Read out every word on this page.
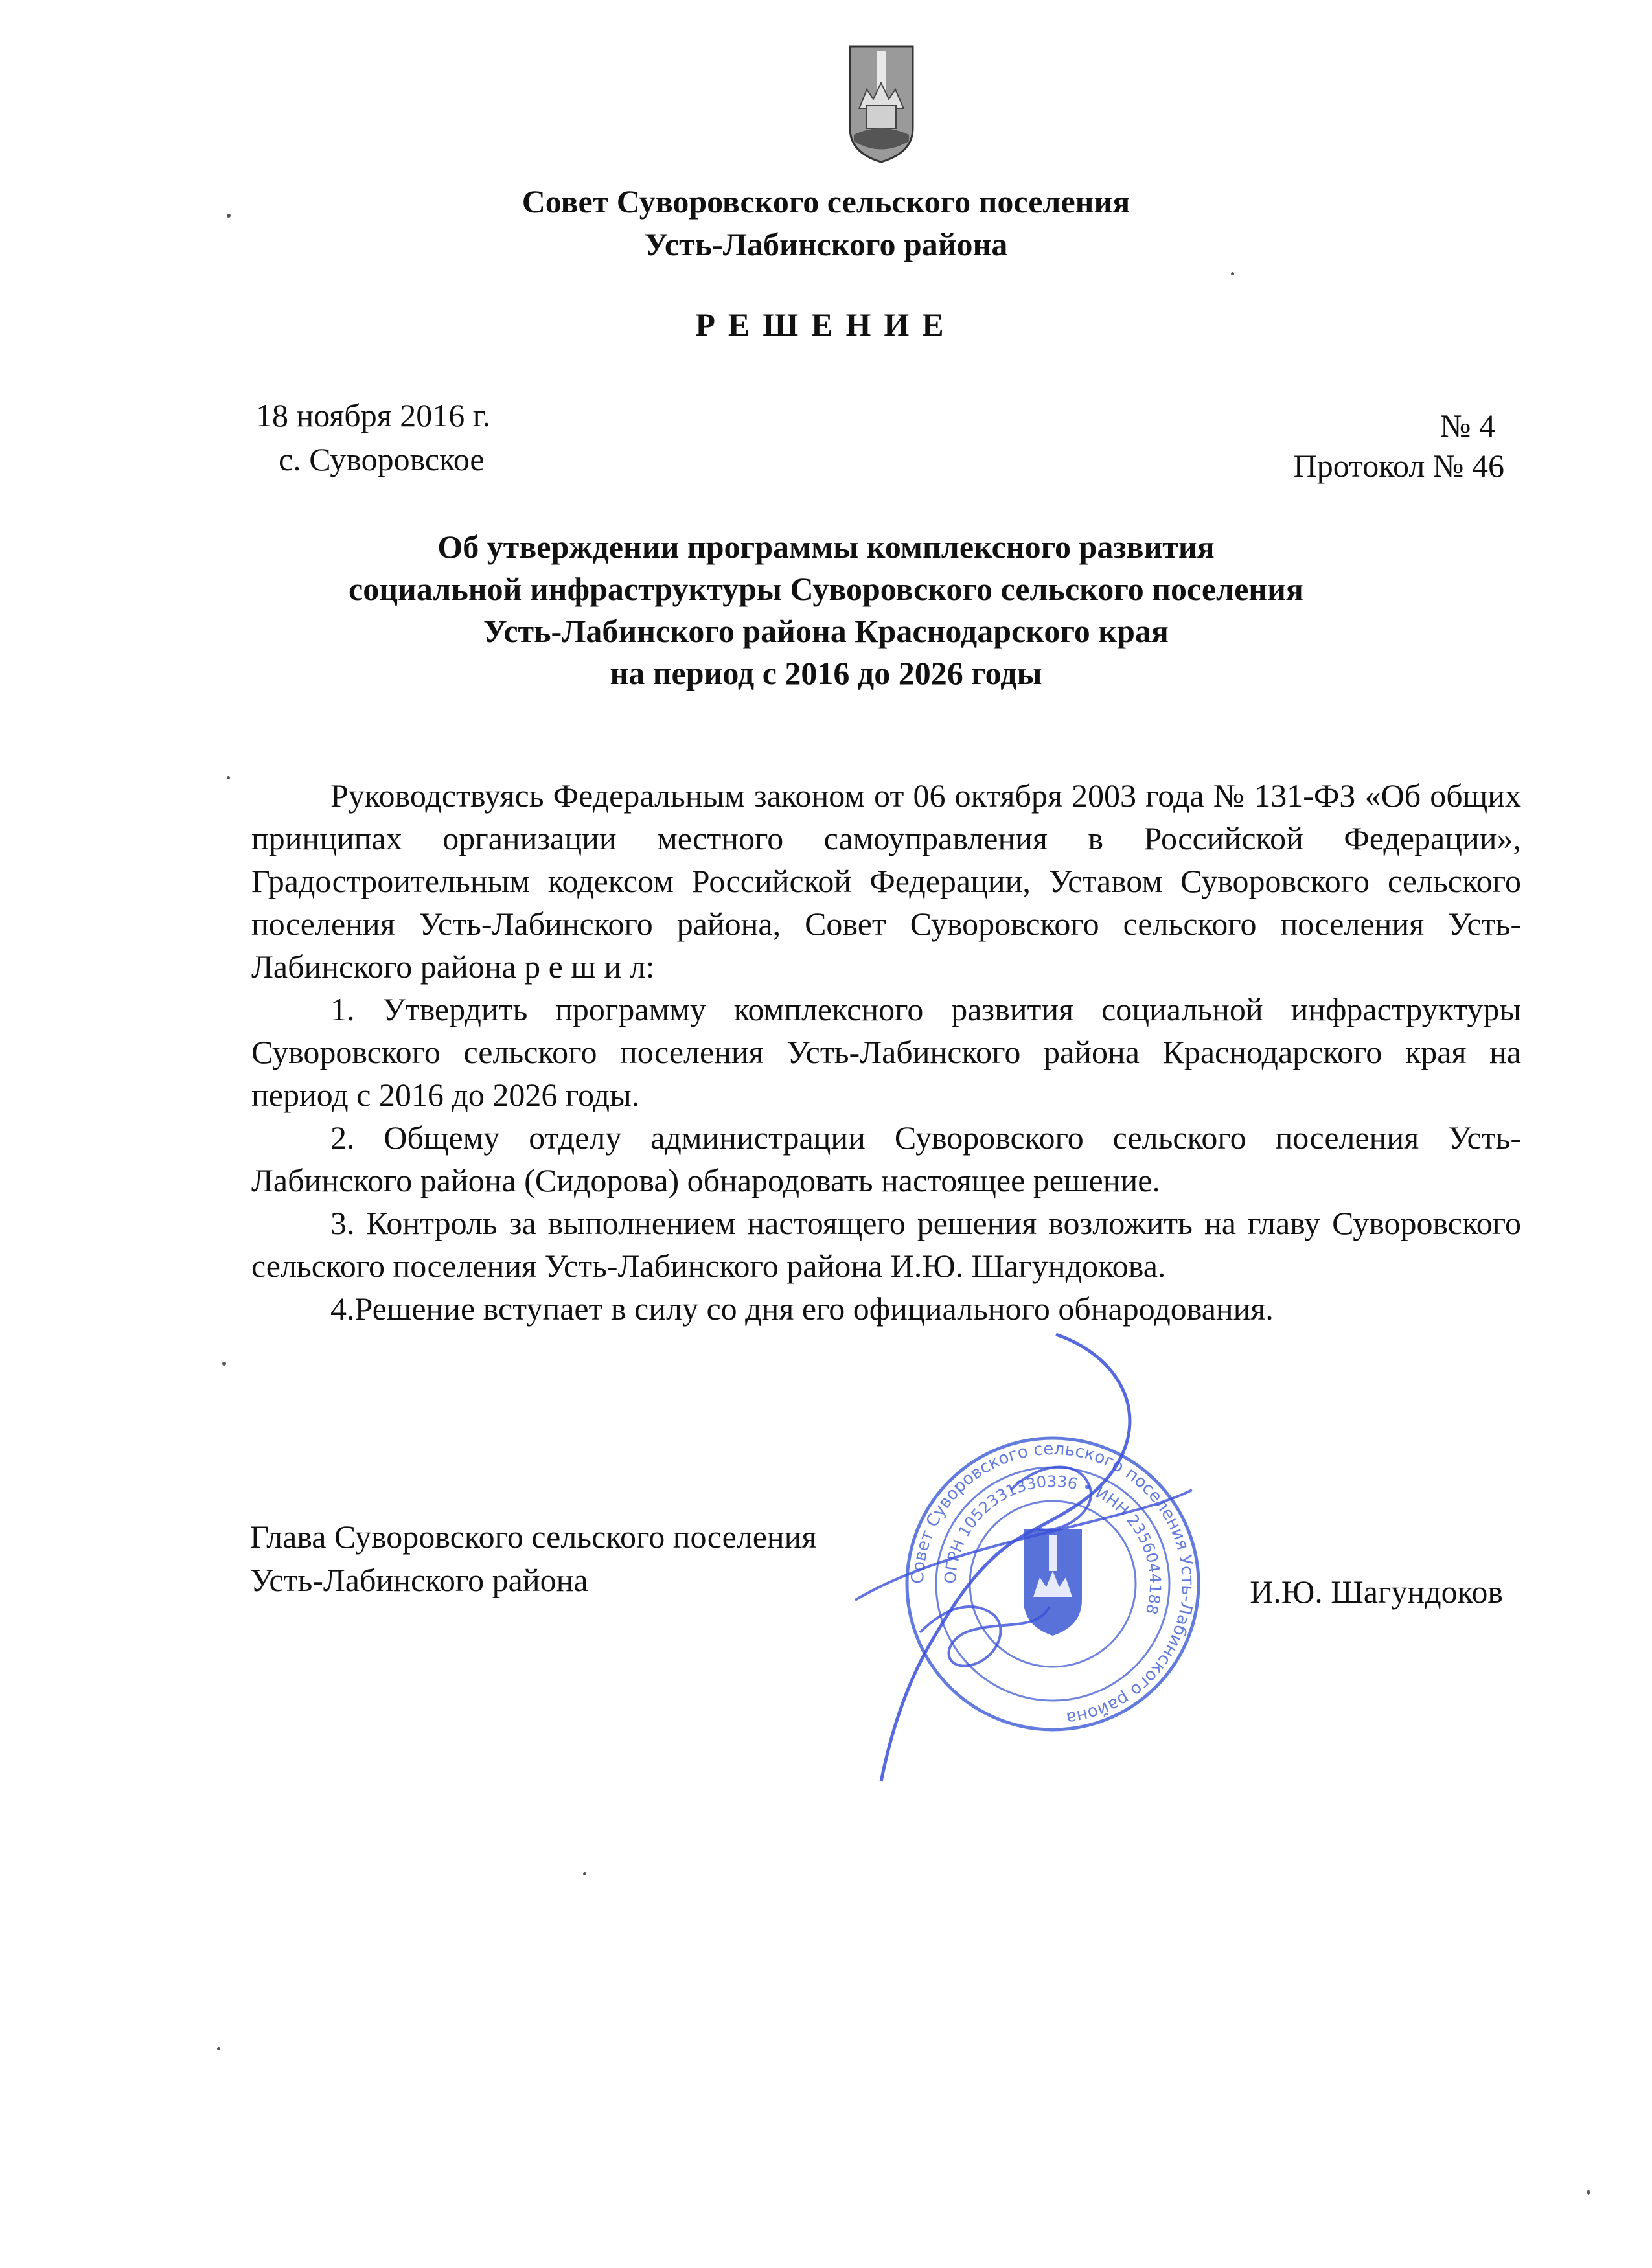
Совет Суворовского сельского поселения
Усть-Лабинского района
РЕШЕНИЕ
18 ноября 2016 г.
с. Суворовское
№ 4
Протокол № 46
Об утверждении программы комплексного развития
социальной инфраструктуры Суворовского сельского поселения
Усть-Лабинского района Краснодарского края
на период с 2016 до 2026 годы

Руководствуясь Федеральным законом от 06 октября 2003 года № 131-ФЗ «Об общих принципах организации местного самоуправления в Российской Федерации», Градостроительным кодексом Российской Федерации, Уставом Суворовского сельского поселения Усть-Лабинского района, Совет Суворовского сельского поселения Усть-Лабинского района р е ш и л:

1. Утвердить программу комплексного развития социальной инфраструктуры Суворовского сельского поселения Усть-Лабинского района Краснодарского края на период с 2016 до 2026 годы.

2. Общему отделу администрации Суворовского сельского поселения Усть-Лабинского района (Сидорова) обнародовать настоящее решение.

3. Контроль за выполнением настоящего решения возложить на главу Суворовского сельского поселения Усть-Лабинского района И.Ю. Шагундокова.

4.Решение вступает в силу со дня его официального обнародования.

Глава Суворовского сельского поселения
Усть-Лабинского района	И.Ю. Шагундоков
Совет Суворовского сельского поселения Усть-Лабинского района
ОГРН 1052331330336 • ИНН 2356044188
